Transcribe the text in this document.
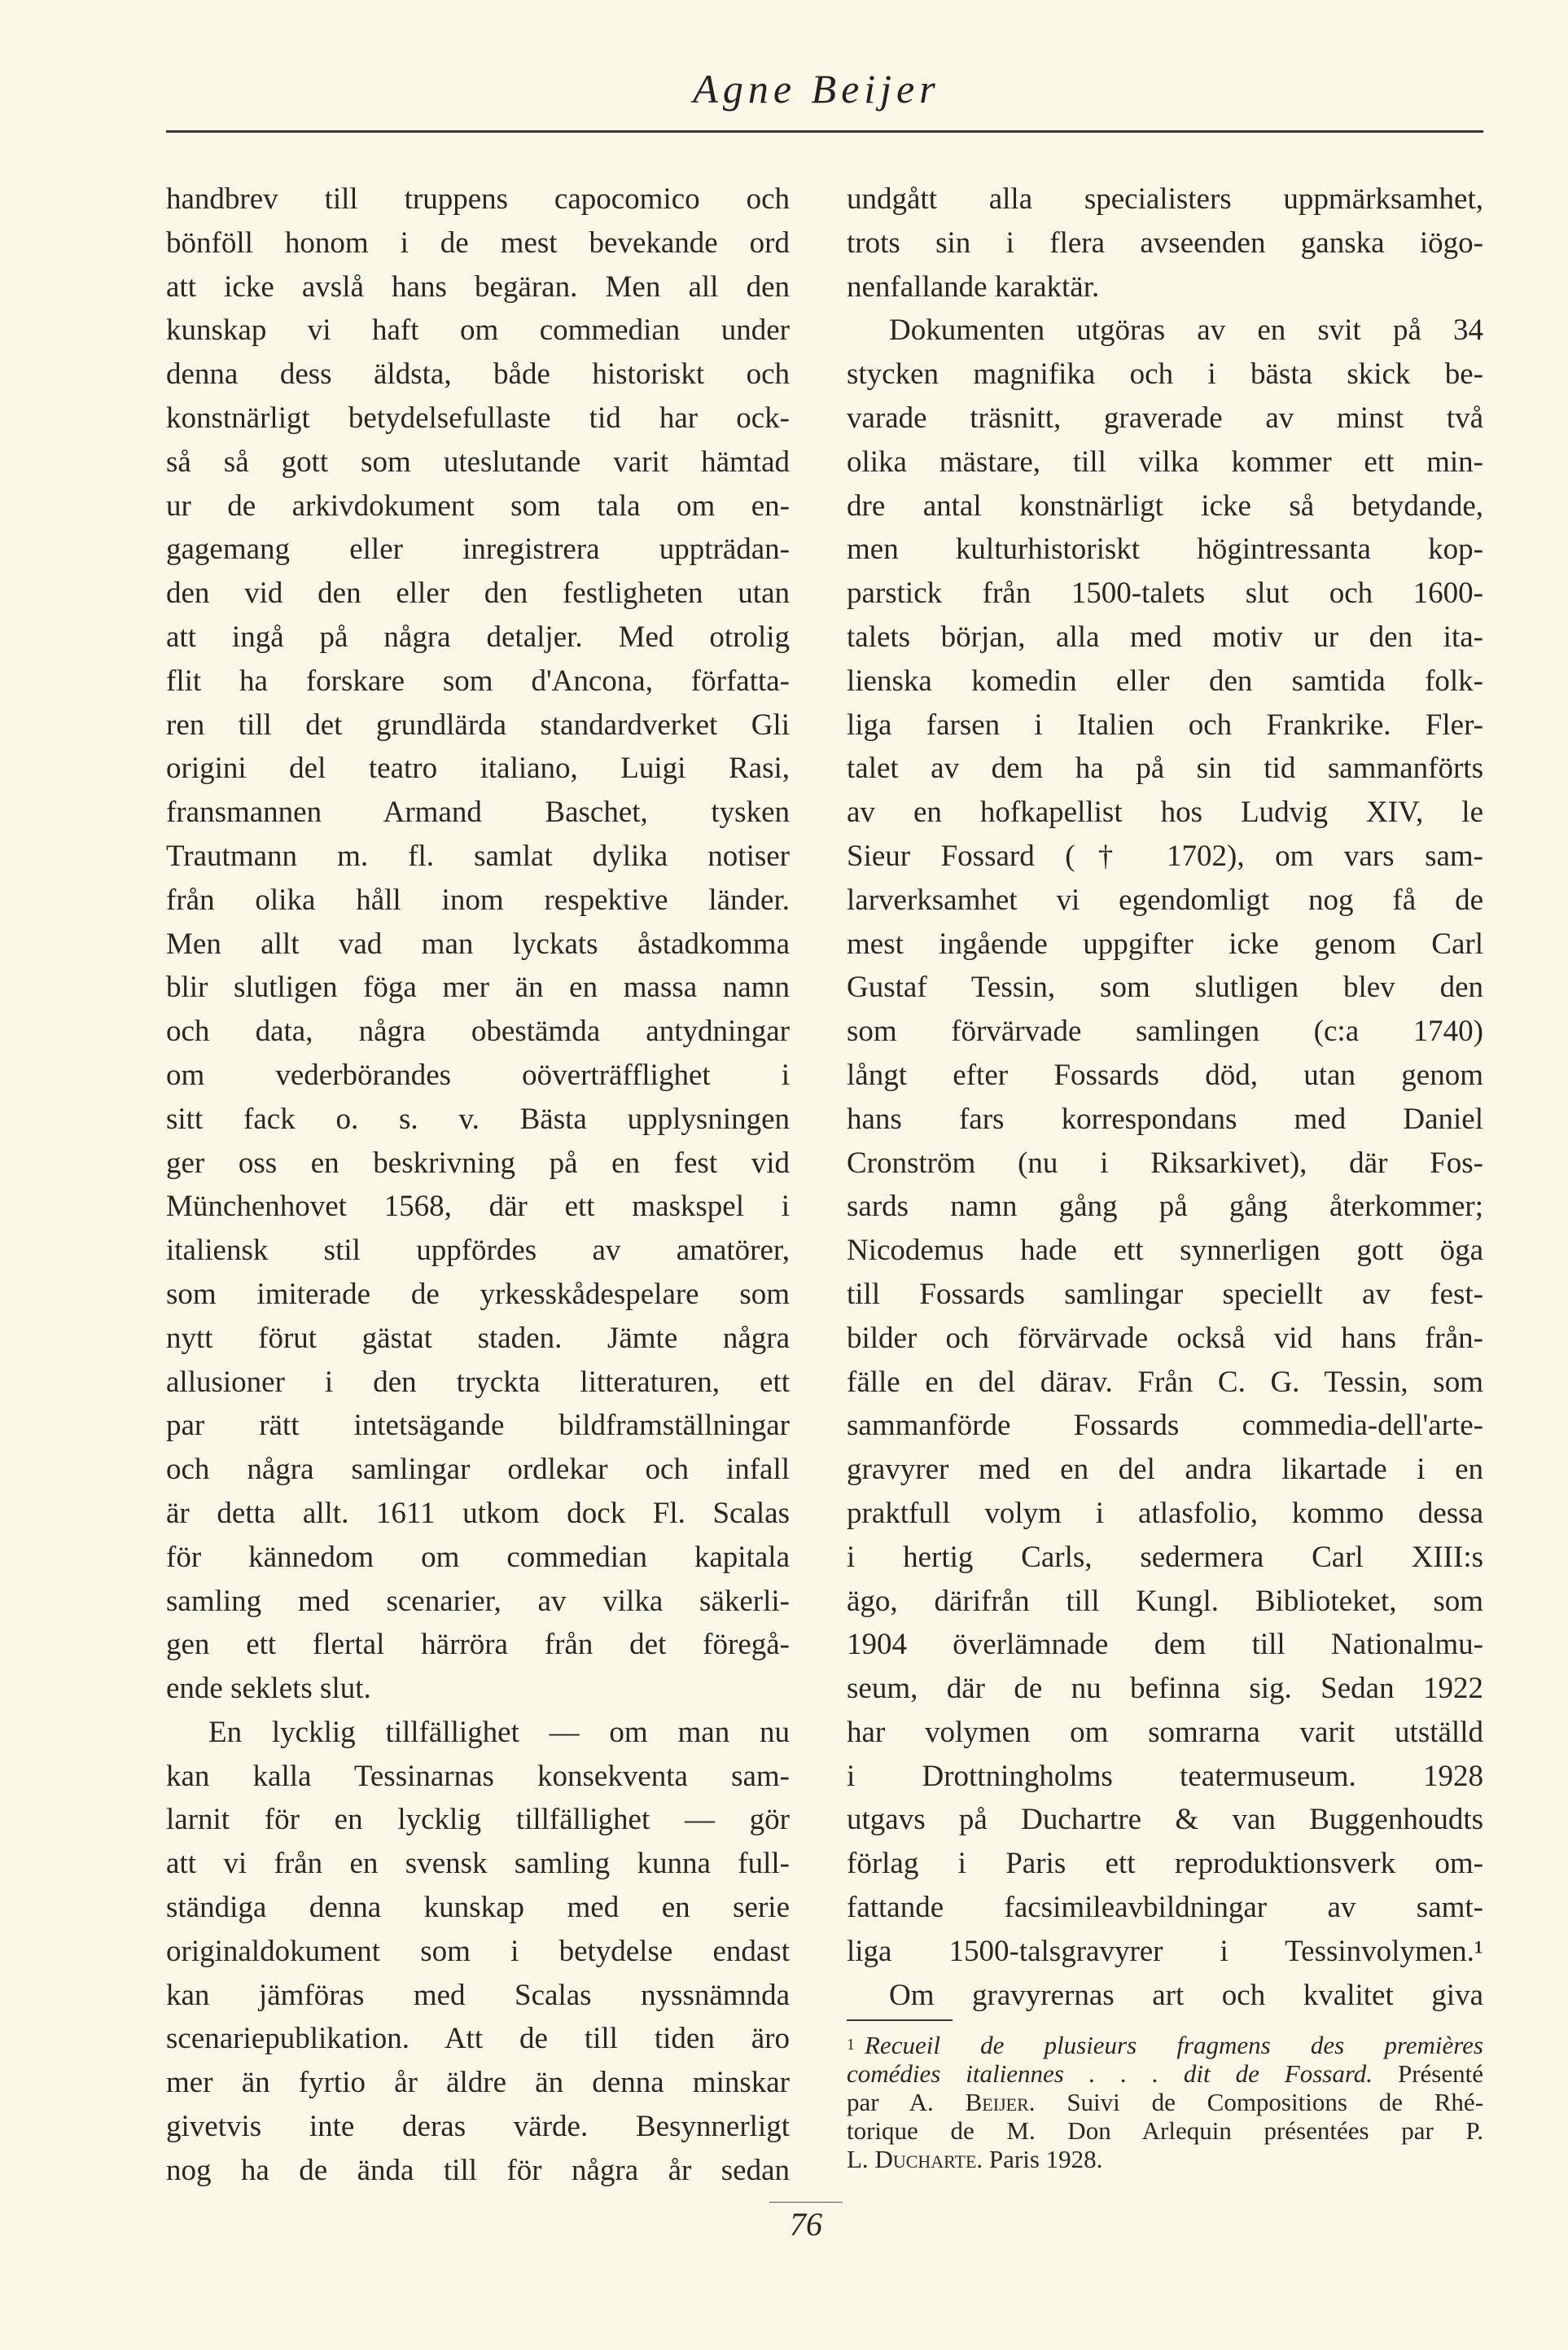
Agne Beijer
handbrev till truppens capocomico och
bönföll honom i de mest bevekande ord
att icke avslå hans begäran. Men all den
kunskap vi haft om commedian under
denna dess äldsta, både historiskt och
konstnärligt betydelsefullaste tid har ock-
så så gott som uteslutande varit hämtad
ur de arkivdokument som tala om en-
gagemang eller inregistrera uppträdan-
den vid den eller den festligheten utan
att ingå på några detaljer. Med otrolig
flit ha forskare som d'Ancona, författa-
ren till det grundlärda standardverket Gli
origini del teatro italiano, Luigi Rasi,
fransmannen Armand Baschet, tysken
Trautmann m. fl. samlat dylika notiser
från olika håll inom respektive länder.
Men allt vad man lyckats åstadkomma
blir slutligen föga mer än en massa namn
och data, några obestämda antydningar
om vederbörandes oöverträfflighet i
sitt fack o. s. v. Bästa upplysningen
ger oss en beskrivning på en fest vid
Münchenhovet 1568, där ett maskspel i
italiensk stil uppfördes av amatörer,
som imiterade de yrkesskådespelare som
nytt förut gästat staden. Jämte några
allusioner i den tryckta litteraturen, ett
par rätt intetsägande bildframställningar
och några samlingar ordlekar och infall
är detta allt. 1611 utkom dock Fl. Scalas
för kännedom om commedian kapitala
samling med scenarier, av vilka säkerli-
gen ett flertal härröra från det föregå-
ende seklets slut.
En lycklig tillfällighet — om man nu
kan kalla Tessinarnas konsekventa sam-
larnit för en lycklig tillfällighet — gör
att vi från en svensk samling kunna full-
ständiga denna kunskap med en serie
originaldokument som i betydelse endast
kan jämföras med Scalas nyssnämnda
scenariepublikation. Att de till tiden äro
mer än fyrtio år äldre än denna minskar
givetvis inte deras värde. Besynnerligt
nog ha de ända till för några år sedan
undgått alla specialisters uppmärksamhet,
trots sin i flera avseenden ganska iögo-
nenfallande karaktär.
Dokumenten utgöras av en svit på 34
stycken magnifika och i bästa skick be-
varade träsnitt, graverade av minst två
olika mästare, till vilka kommer ett min-
dre antal konstnärligt icke så betydande,
men kulturhistoriskt högintressanta kop-
parstick från 1500-talets slut och 1600-
talets början, alla med motiv ur den ita-
lienska komedin eller den samtida folk-
liga farsen i Italien och Frankrike. Fler-
talet av dem ha på sin tid sammanförts
av en hofkapellist hos Ludvig XIV, le
Sieur Fossard († 1702), om vars sam-
larverksamhet vi egendomligt nog få de
mest ingående uppgifter icke genom Carl
Gustaf Tessin, som slutligen blev den
som förvärvade samlingen (c:a 1740)
långt efter Fossards död, utan genom
hans fars korrespondans med Daniel
Cronström (nu i Riksarkivet), där Fos-
sards namn gång på gång återkommer;
Nicodemus hade ett synnerligen gott öga
till Fossards samlingar speciellt av fest-
bilder och förvärvade också vid hans från-
fälle en del därav. Från C. G. Tessin, som
sammanförde Fossards commedia-dell'arte-
gravyrer med en del andra likartade i en
praktfull volym i atlasfolio, kommo dessa
i hertig Carls, sedermera Carl XIII:s
ägo, därifrån till Kungl. Biblioteket, som
1904 överlämnade dem till Nationalmu-
seum, där de nu befinna sig. Sedan 1922
har volymen om somrarna varit utställd
i Drottningholms teatermuseum. 1928
utgavs på Duchartre & van Buggenhoudts
förlag i Paris ett reproduktionsverk om-
fattande facsimileavbildningar av samt-
liga 1500-talsgravyrer i Tessinvolymen.¹
Om gravyrernas art och kvalitet giva
$^1$ Recueil de plusieurs fragmens des premières
comédies italiennes . . . dit de Fossard. Présenté
par A. Beijer. Suivi de Compositions de Rhé-
torique de M. Don Arlequin présentées par P.
L. Ducharte. Paris 1928.
76
